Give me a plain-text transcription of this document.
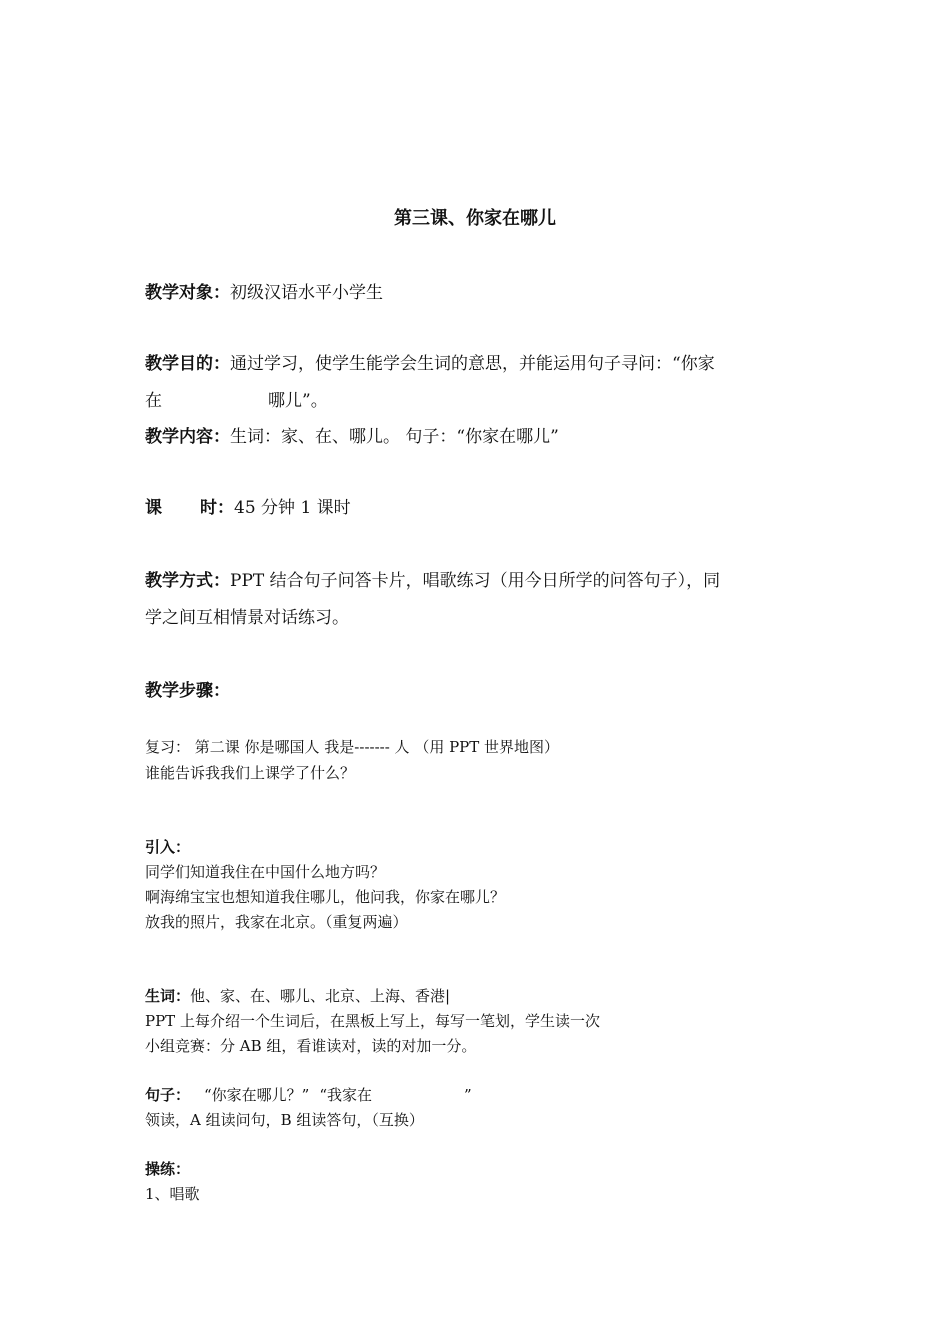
第三课、你家在哪儿
教学对象：初级汉语水平小学生
教学目的：通过学习，使学生能学会生词的意思，并能运用句子寻问：“你家
在	哪儿”。
教学内容：生词：家、在、哪儿。 句子：“你家在哪儿”
课 时：45 分钟 1 课时
教学方式：PPT 结合句子问答卡片，唱歌练习（用今日所学的问答句子），同
学之间互相情景对话练习。
教学步骤：
复习： 第二课 你是哪国人 我是------- 人 （用 PPT 世界地图）
谁能告诉我我们上课学了什么？
引入：
同学们知道我住在中国什么地方吗？
啊海绵宝宝也想知道我住哪儿，他问我，你家在哪儿？
放我的照片，我家在北京。（重复两遍）
生词：他、家、在、哪儿、北京、上海、香港|
PPT 上每介绍一个生词后，在黑板上写上，每写一笔划，学生读一次
小组竞赛：分 AB 组，看谁读对，读的对加一分。
句子： “你家在哪儿？” “我家在	”
领读，A 组读问句，B 组读答句，（互换）
操练：
1、唱歌
